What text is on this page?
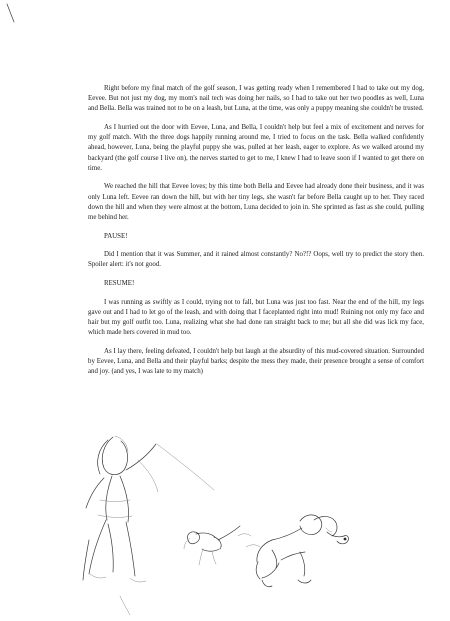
Right before my final match of the golf season, I was getting ready when I remembered I had to take out my dog, Eevee. But not just my dog, my mom's nail tech was doing her nails, so I had to take out her two poodles as well, Luna and Bella. Bella was trained not to be on a leash, but Luna, at the time, was only a puppy meaning she couldn't be trusted.

As I hurried out the door with Eevee, Luna, and Bella, I couldn't help but feel a mix of excitement and nerves for my golf match. With the three dogs happily running around me, I tried to focus on the task. Bella walked confidently ahead, however, Luna, being the playful puppy she was, pulled at her leash, eager to explore. As we walked around my backyard (the golf course I live on), the nerves started to get to me, I knew I had to leave soon if I wanted to get there on time.

We reached the hill that Eevee loves; by this time both Bella and Eevee had already done their business, and it was only Luna left. Eevee ran down the hill, but with her tiny legs, she wasn't far before Bella caught up to her. They raced down the hill and when they were almost at the bottom, Luna decided to join in. She sprinted as fast as she could, pulling me behind her.

PAUSE!

Did I mention that it was Summer, and it rained almost constantly? No?!? Oops, well try to predict the story then. Spoiler alert: it's not good.

RESUME!

I was running as swiftly as I could, trying not to fall, but Luna was just too fast. Near the end of the hill, my legs gave out and I had to let go of the leash, and with doing that I faceplanted right into mud! Ruining not only my face and hair but my golf outfit too. Luna, realizing what she had done ran straight back to me; but all she did was lick my face, which made hers covered in mud too.

As I lay there, feeling defeated, I couldn't help but laugh at the absurdity of this mud-covered situation. Surrounded by Eevee, Luna, and Bella and their playful barks; despite the mess they made, their presence brought a sense of comfort and joy. (and yes, I was late to my match)
